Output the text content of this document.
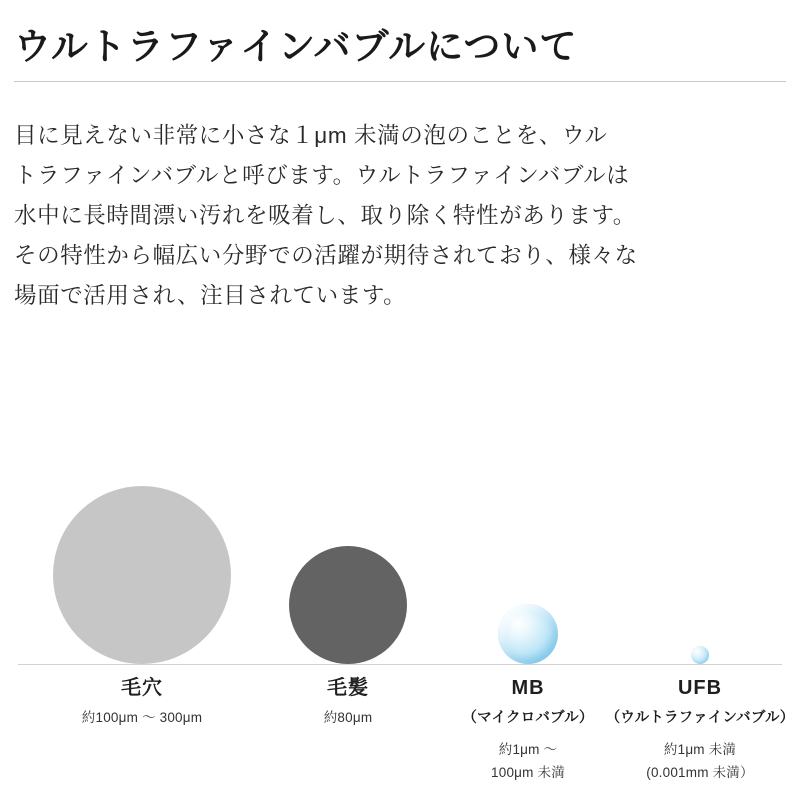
ウルトラファインバブルについて
目に見えない非常に小さな１μm 未満の泡のことを、ウル
トラファインバブルと呼びます。ウルトラファインバブルは
水中に長時間漂い汚れを吸着し、取り除く特性があります。
その特性から幅広い分野での活躍が期待されており、様々な
場面で活用され、注目されています。
毛穴
約100μm 〜 300μm
毛髪
約80μm
MB
（マイクロバブル）
約1μm 〜
100μm 未満
UFB
（ウルトラファインバブル）
約1μm 未満
(0.001mm 未満）
